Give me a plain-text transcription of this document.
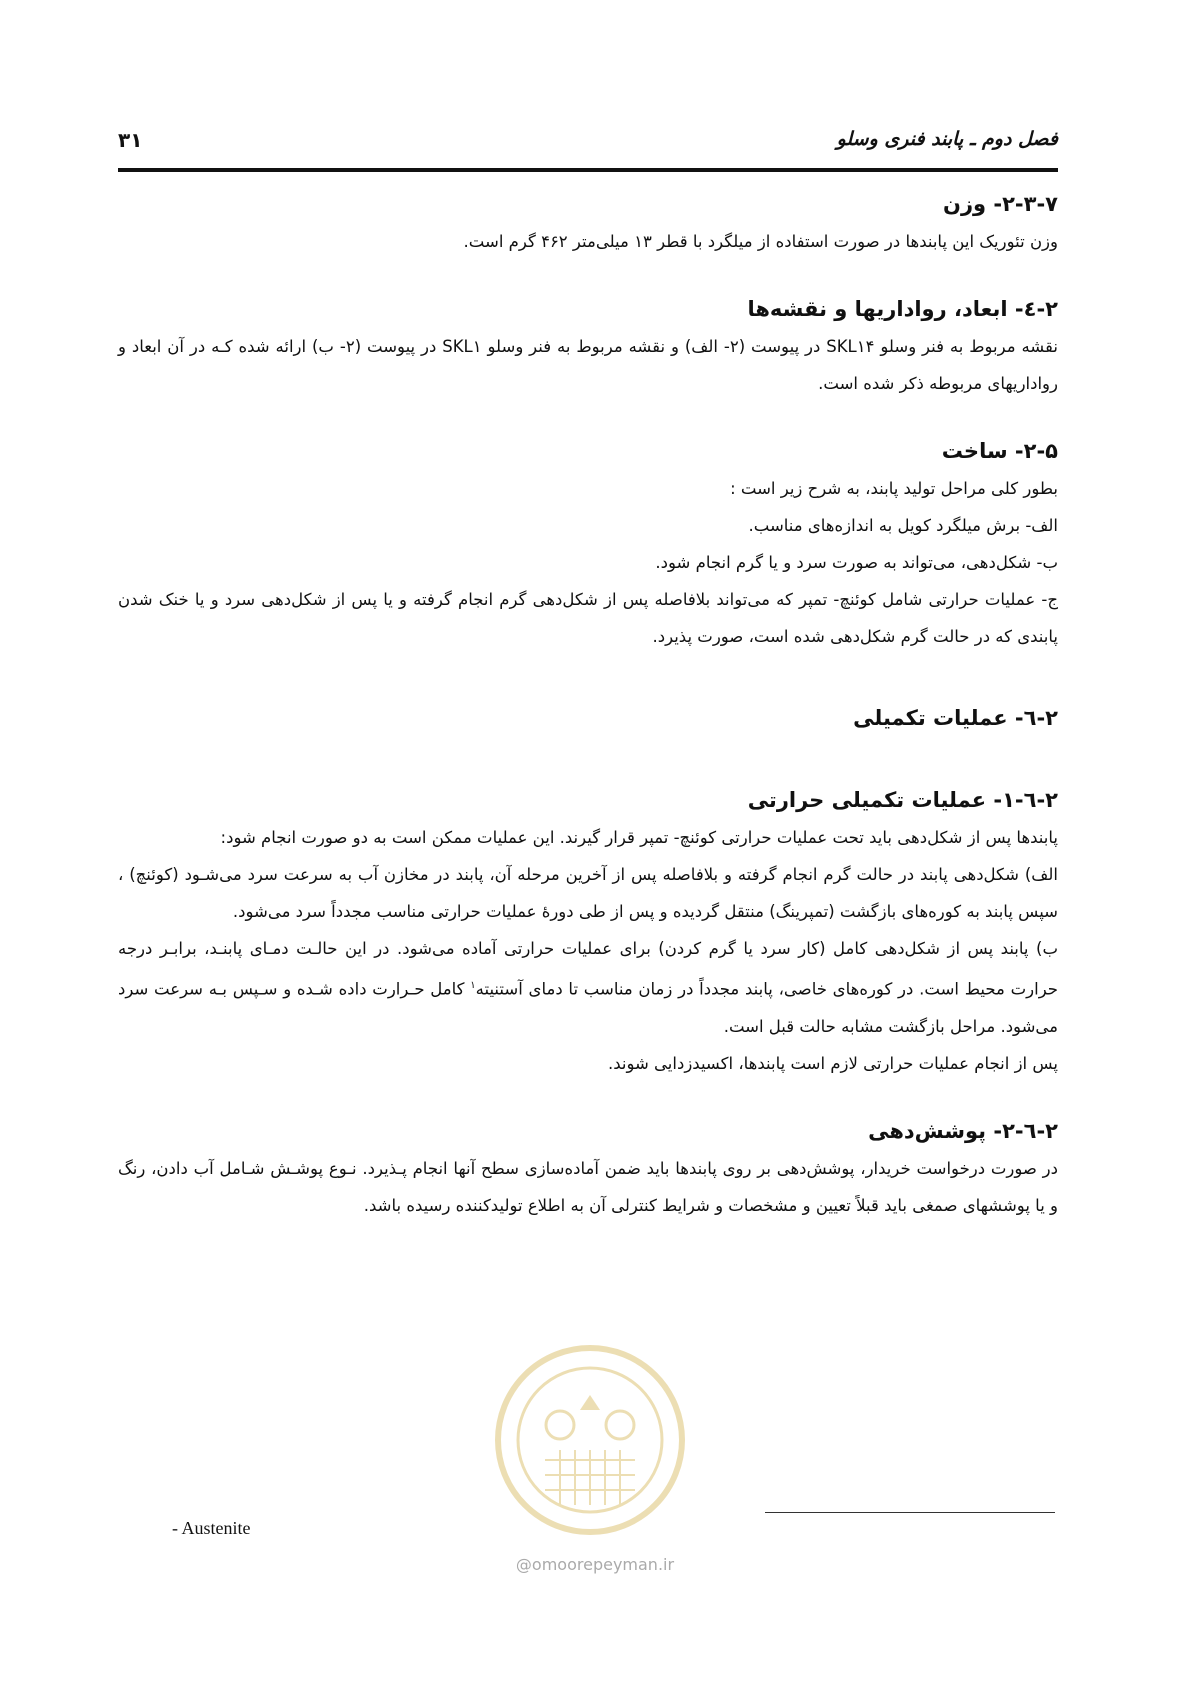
فصل دوم ـ پابند فنری وسلو
۳۱
۲-۳-۷- وزن

وزن تئوریک این پابندها در صورت استفاده از میلگرد با قطر ۱۳ میلی‌متر ۴۶۲ گرم است.

۲-٤- ابعاد، رواداریها و نقشه‌ها

نقشه مربوط به فنر وسلو SKL۱۴ در پیوست (۲- الف) و نقشه مربوط به فنر وسلو SKL۱ در پیوست (۲- ب) ارائه شده کـه در آن ابعاد و رواداریهای مربوطه ذکر شده است.

۲-۵- ساخت

بطور کلی مراحل تولید پابند، به شرح زیر است :

الف- برش میلگرد کویل به اندازه‌های مناسب.

ب- شکل‌دهی، می‌تواند به صورت سرد و یا گرم انجام شود.

ج- عملیات حرارتی شامل کوئنچ- تمپر که می‌تواند بلافاصله پس از شکل‌دهی گرم انجام گرفته و یا پس از شکل‌دهی سرد و یا خنک شدن پابندی که در حالت گرم شکل‌دهی شده است، صورت پذیرد.

۲-٦- عملیات تکمیلی
۲-٦-۱- عملیات تکمیلی حرارتی

پابندها پس از شکل‌دهی باید تحت عملیات حرارتی کوئنچ- تمپر قرار گیرند. این عملیات ممکن است به دو صورت انجام شود:

الف) شکل‌دهی پابند در حالت گرم انجام گرفته و بلافاصله پس از آخرین مرحله آن، پابند در مخازن آب به سرعت سرد می‌شـود (کوئنچ) ، سپس پابند به کوره‌های بازگشت (تمپرینگ) منتقل گردیده و پس از طی دورهٔ عملیات حرارتی مناسب مجدداً سرد می‌شود.

ب) پابند پس از شکل‌دهی کامل (کار سرد یا گرم کردن) برای عملیات حرارتی آماده می‌شود. در این حالـت دمـای پابنـد، برابـر درجه حرارت محیط است. در کوره‌های خاصی، پابند مجدداً در زمان مناسب تا دمای آستنیته$^۱$ کامل حـرارت داده شـده و سـپس بـه سرعت سرد می‌شود. مراحل بازگشت مشابه حالت قبل است.

پس از انجام عملیات حرارتی لازم است پابندها، اکسیدزدایی شوند.

۲-٦-۲- پوشش‌دهی

در صورت درخواست خریدار، پوشش‌دهی بر روی پابندها باید ضمن آماده‌سازی سطح آنها انجام پـذیرد. نـوع پوشـش شـامل آب دادن، رنگ و یا پوششهای صمغی باید قبلاً تعیین و مشخصات و شرایط کنترلی آن به اطلاع تولیدکننده رسیده باشد.

@omoorepeyman.ir
- Austenite
